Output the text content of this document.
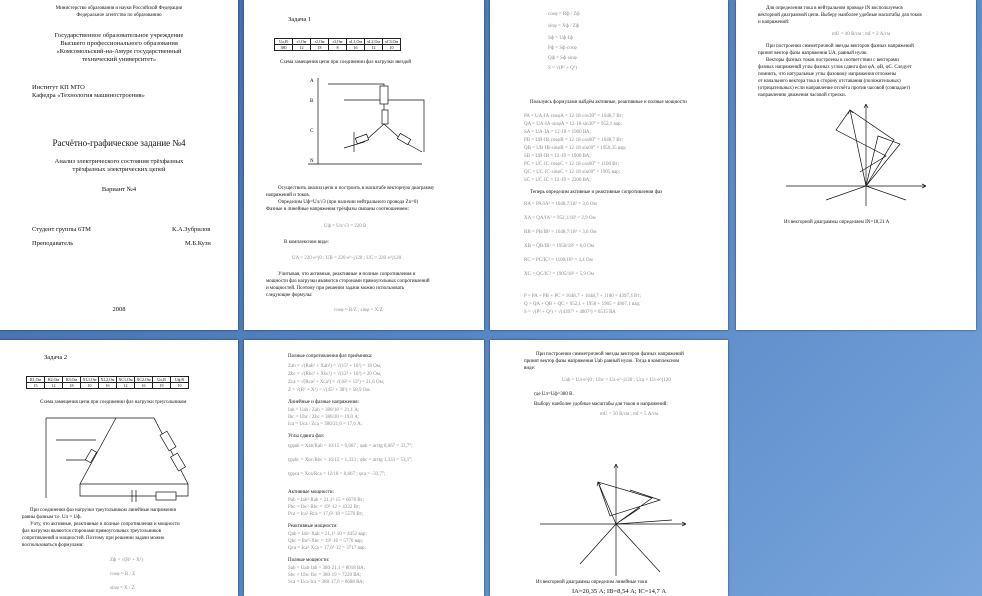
Министерство образования и науки Российской Федерации
Федеральное агентство по образованию
Государственное образовательное учреждение
Высшего профессионального образования
«Комсомольский-на-Амуре государственный
технический университет»
Институт КП МТО
Кафедра «Технология машиностроения»
Расчётно-графическое задание №4
Анализ электрического состояния трёхфазных
трёхфазных электрических цепей
Вариант №4
Студент группы 6ТМ	К.А.Зубрилов
Преподаватель	М.Б.Кузн
2008
Задача 1
Uл,В	r1,Ом	r2,Ом	r3,Ом	xL1,Ом	xL2,Ом	xC3,Ом
380	12	18	8	16	12	10
Схема замещения цепи при соединении фаз нагрузки звездой
A
B
C
N
Осуществить анализ цепи и построить в масштабе векторную диаграмму
напряжений и токов.
Определим Uф=Uл/√3 (при наличии нейтрального провода Zn=0)
Фазные и линейные напряжения трёхфазы связаны соотношением:
Uф = Uл/√3 = 220 В
В комплексном виде:
UA = 220·e^j0 ; UB = 220·e^-j120 ; UC = 220·e^j120
Учитывая, что активные, реактивные и полные сопротивления и
мощности фаз нагрузки являются сторонами прямоугольных сопротивлений
и мощностей. Поэтому при решении задачи можно использовать
следующие формулы:
cosφ = R/Z ; sinφ = X/Z
cosφ = Rф / Zф
sinφ = Xф / Zф
Sф = Uф·Iф
Pф = Sф·cosφ
Qф = Sф·sinφ
S = √(P² + Q²)
Пользуясь формулами найдём активные, реактивные и полные мощности
PA = UA·IA·cosφA = 12·18·cos30° = 1648,7 Вт;
QA = UA·IA·sinφA = 12·18·sin30° = 952,1 вар;
SA = UA·IA = 12·18 = 1900 ВА;
PB = UB·IB·cosφB = 12·18·cos60° = 1648,7 Вт;
QB = UB·IB·sinφB = 12·18·sin60° = 1950,35 вар;
SB = UB·IB = 12·18 = 1900 ВА;
PC = UC·IC·cosφC = 12·18·cos60° = 1100 Вт;
QC = UC·IC·sinφC = 12·18·sin60° = 1905 вар;
SC = UC·IC = 12·18 = 2200 ВА;
Теперь определим активные и реактивные сопротивления фаз
RA = PA/IA² = 1648,7/18² = 3,6 Ом
XA = QA/IA² = 952,1/18² = 2,9 Ом
RB = PB/IB² = 1648,7/18² = 3,6 Ом
XB = QB/IB² = 1950/18² = 6,0 Ом
RC = PC/IC² = 1100/18² = 3,4 Ом
XC = QC/IC² = 1905/18² = 5,9 Ом
P = PA + PB + PC = 1648,7 + 1648,7 + 1100 = 4397,4 Вт;
Q = QA + QB + QC = 952,1 + 1950 + 1905 = 4807,1 вар;
S = √(P² + Q²) = √(4397² + 4807²) = 6515 ВА
Для определения тока в нейтральном проводе IN воспользуемся
векторной диаграммой цепи. Выберу наиболее удобные масштабы для токов
и напряжений:
mU = 40 В/см ; mI = 2 А/см
При построении симметричной звезды векторов фазных напряжений
принят вектор фазы напряжения UA, равный нулю.
Векторы фазных токов построены в соответствии с векторами
фазных напряжений углы фазных углов сдвига фаз φA, φB, φC. Следует
помнить, что натуральные углы фазовому напряжения отложены
от начального вектора тока в сторону отставания (положительных)
(отрицательных) если направление отсчёта против часовой (совпадает)
направлению движения часовой стрелки.
Из векторной диаграммы определяем IN=18,21 А
Задача 2
R1,Ом	R2,Ом	R3,Ом	XL1,Ом	XL2,Ом	XC1,Ом	XC2,Ом	Uл,В	Uф,В
15	12	18	10	16	12	16	19	10
Схема замещения цепи при соединении фаз нагрузки треугольником
При соединении фаз нагрузки треугольником линейные напряжения
равны фазным т.е. Uл = Uф.
Учту, что активные, реактивные и полные сопротивления и мощности
фаз нагрузки являются сторонами прямоугольных треугольников
сопротивлений и мощностей. Поэтому при решении задачи можно
воспользоваться формулами:
Zф = √(R² + X²)
cosφ = R / Z
sinφ = X / Z
Полные сопротивления фаз приёмника:
Zab = √(Rab² + Xab²) = √(15² + 10²) = 18 Ом;
Zbc = √(Rbc² + Xbc²) = √(12² + 16²) = 20 Ом;
Zca = √(Rca² + Xca²) = √(18² + 12²) = 21,6 Ом;
Z = √(R² + X²) = √(45² + 38²) = 58,9 Ом.
Линейные и фазные напряжения:
Iab = Uab / Zab = 380/18 = 21,1 А;
Ibc = Ubc / Zbc = 380/20 = 19,0 А;
Ica = Uca / Zca = 380/21,6 = 17,6 А;
Углы сдвига фаз:
tgφab = Xab/Rab = 10/15 = 0,667 ; φab = arctg 0,667 = 33,7°;
tgφbc = Xbc/Rbc = 16/12 = 1,333 ; φbc = arctg 1,333 = 53,1°;
tgφca = Xca/Rca = 12/18 = 0,667 ; φca = -33,7°;
Активные мощности:
Pab = Iab²·Rab = 21,1²·15 = 6678 Вт;
Pbc = Ibc²·Rbc = 19²·12 = 4332 Вт;
Pca = Ica²·Rca = 17,6²·18 = 5576 Вт;
Реактивные мощности:
Qab = Iab²·Xab = 21,1²·10 = 4452 вар;
Qbc = Ibc²·Xbc = 19²·16 = 5776 вар;
Qca = Ica²·Xca = 17,6²·12 = 3717 вар;
Полные мощности:
Sab = Uab·Iab = 380·21,1 = 8018 ВА;
Sbc = Ubc·Ibc = 380·19 = 7220 ВА;
Sca = Uca·Ica = 380·17,6 = 6688 ВА;
При построении симметричной звезды векторов фазных напряжений
принят вектор фазы напряжения Uab равный нулю. Тогда в комплексном
виде:
Uab = Uл·e^j0 ; Ubc = Uл·e^-j120 ; Uca = Uл·e^j120
где Uл=Uф=380 В.
Выбору наиболее удобные масштабы для токов и напряжений:
mU = 50 В/см ; mI = 5 А/см
Из векторной диаграммы определим линейные токи
IA=20,35 А; IB=8,54 А; IC=14,7 А
